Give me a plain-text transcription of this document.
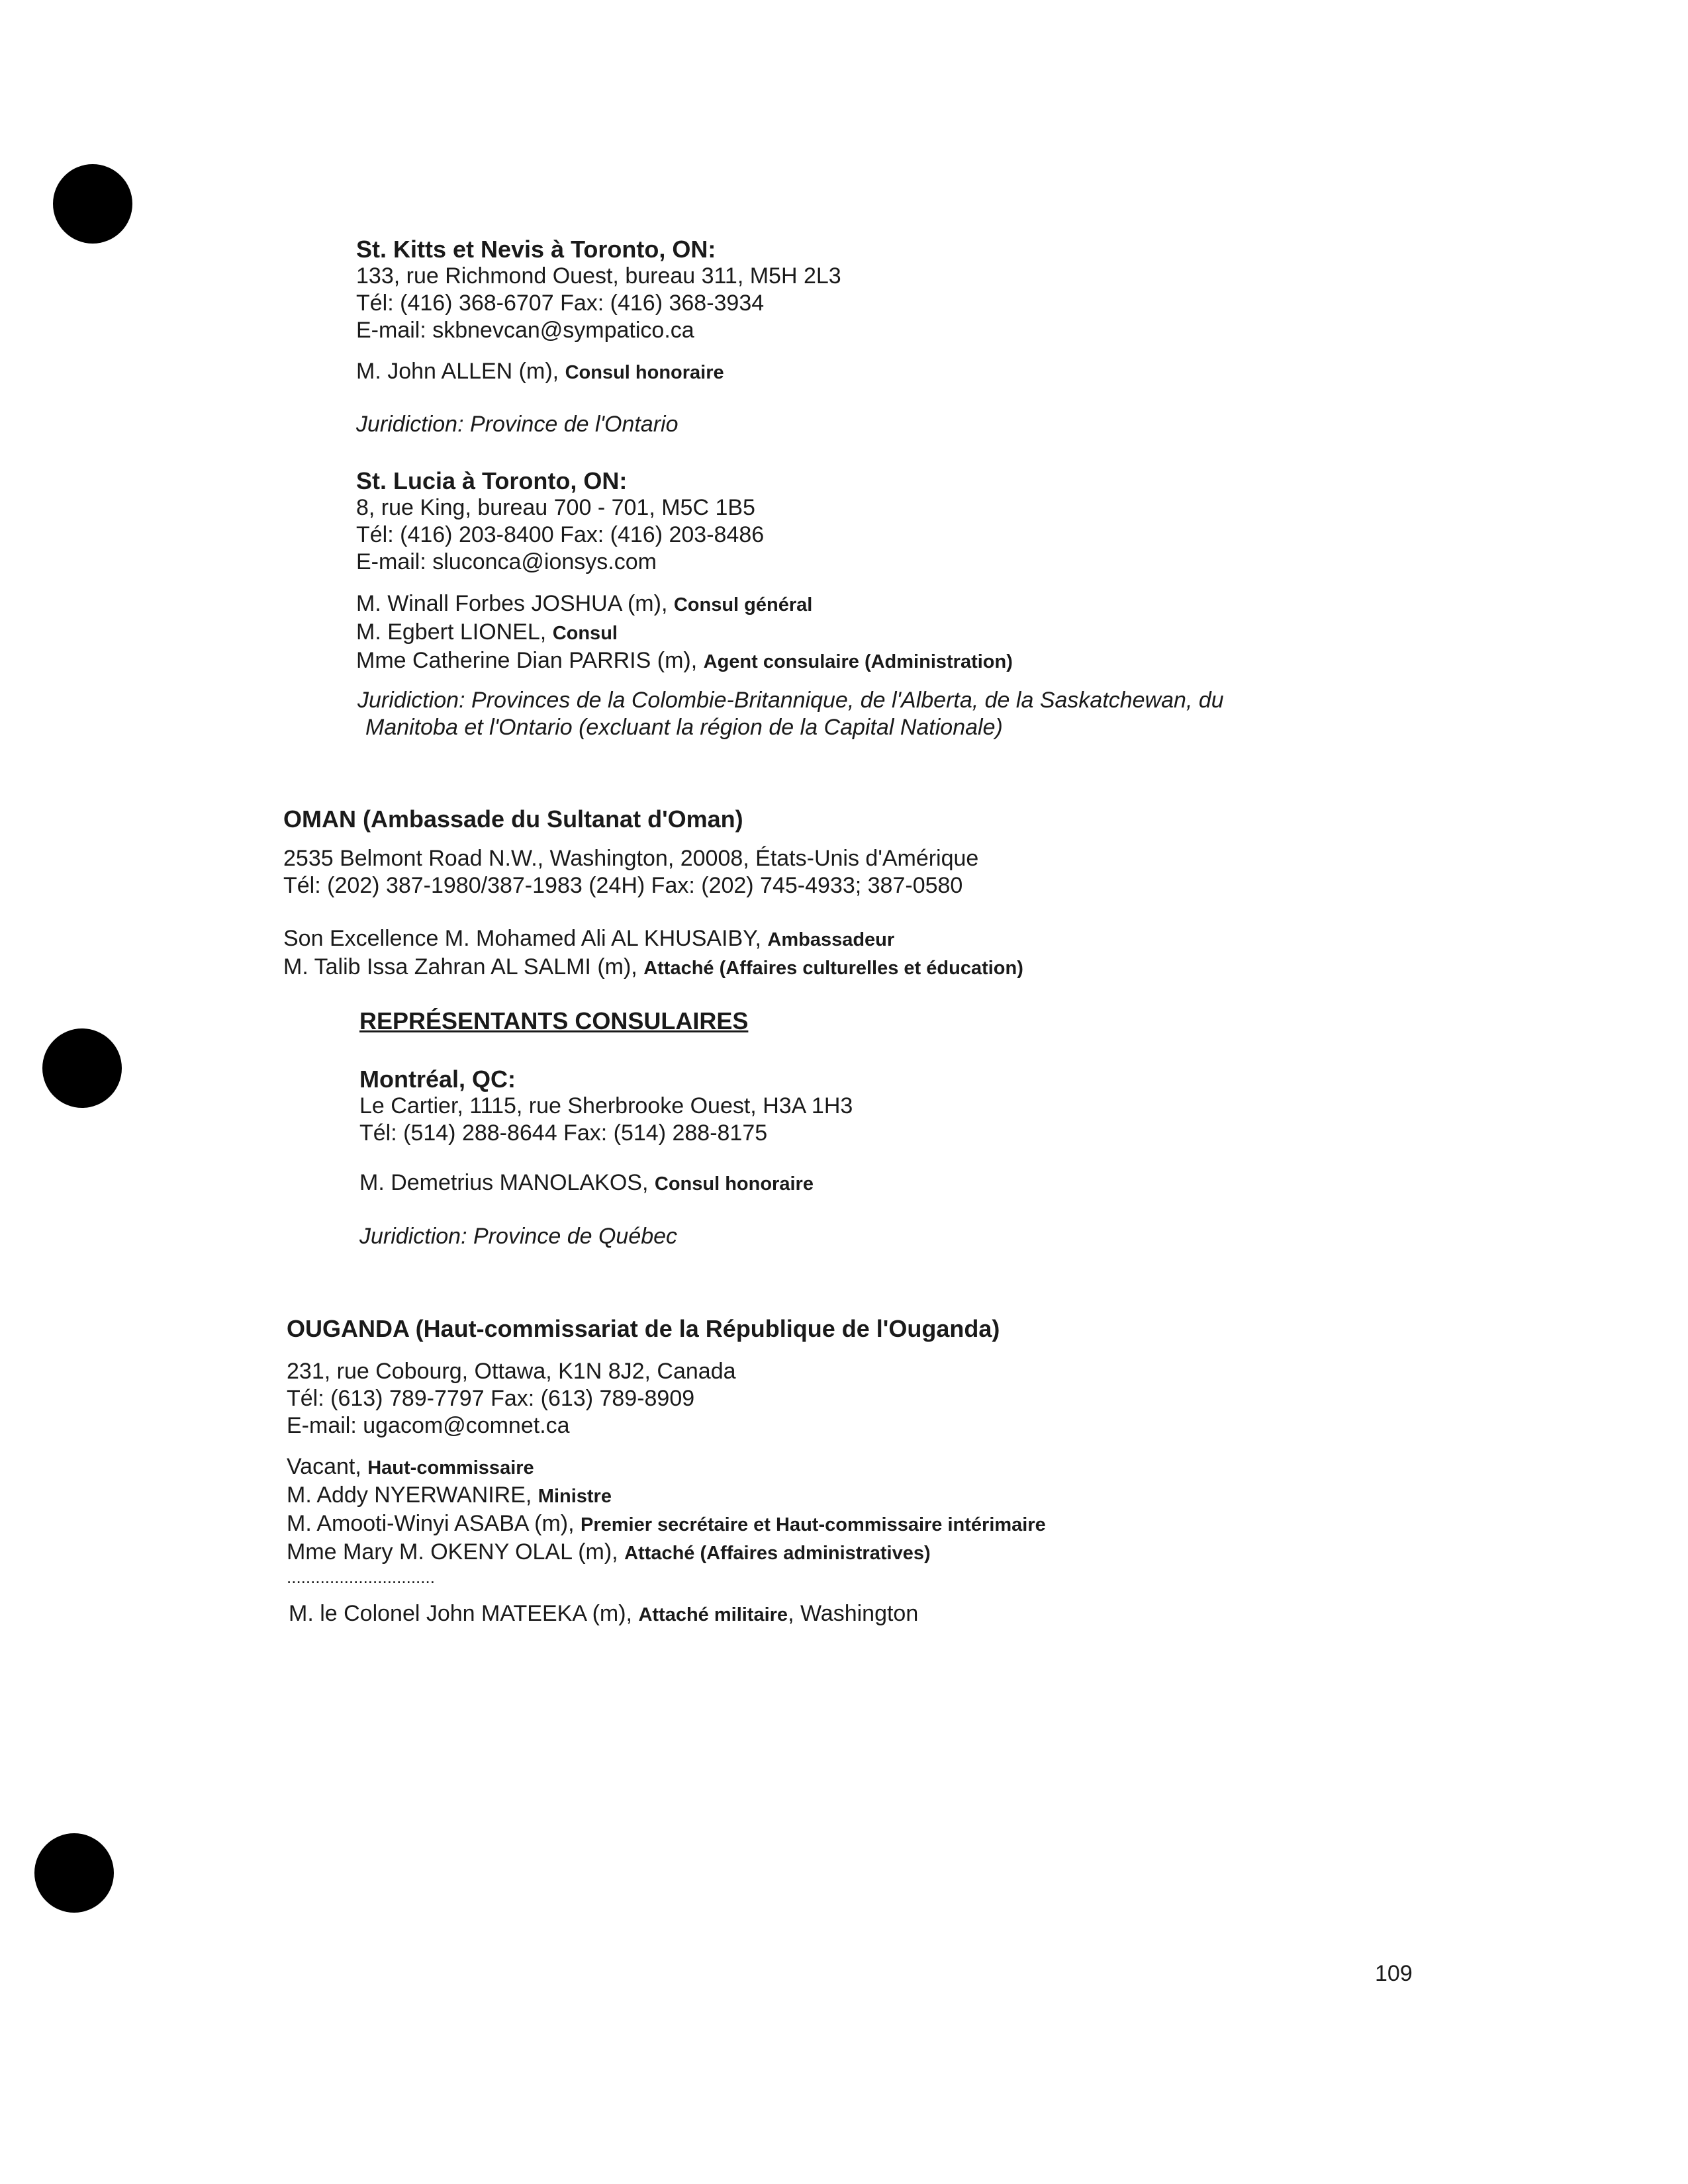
St. Kitts et Nevis à Toronto, ON:
133, rue Richmond Ouest, bureau 311, M5H 2L3
Tél: (416) 368-6707 Fax: (416) 368-3934
E-mail: skbnevcan@sympatico.ca
M. John ALLEN (m), Consul honoraire
Juridiction: Province de l'Ontario
St. Lucia à Toronto, ON:
8, rue King, bureau 700 - 701, M5C 1B5
Tél: (416) 203-8400 Fax: (416) 203-8486
E-mail: sluconca@ionsys.com
M. Winall Forbes JOSHUA (m), Consul général
M. Egbert LIONEL, Consul
Mme Catherine Dian PARRIS (m), Agent consulaire (Administration)
Juridiction: Provinces de la Colombie-Britannique, de l'Alberta, de la Saskatchewan, du
Manitoba et l'Ontario (excluant la région de la Capital Nationale)
OMAN (Ambassade du Sultanat d'Oman)
2535 Belmont Road N.W., Washington, 20008, États-Unis d'Amérique
Tél: (202) 387-1980/387-1983 (24H) Fax: (202) 745-4933; 387-0580
Son Excellence M. Mohamed Ali AL KHUSAIBY, Ambassadeur
M. Talib Issa Zahran AL SALMI (m), Attaché (Affaires culturelles et éducation)
REPRÉSENTANTS CONSULAIRES
Montréal, QC:
Le Cartier, 1115, rue Sherbrooke Ouest, H3A 1H3
Tél: (514) 288-8644 Fax: (514) 288-8175
M. Demetrius MANOLAKOS, Consul honoraire
Juridiction: Province de Québec
OUGANDA (Haut-commissariat de la République de l'Ouganda)
231, rue Cobourg, Ottawa, K1N 8J2, Canada
Tél: (613) 789-7797 Fax: (613) 789-8909
E-mail: ugacom@comnet.ca
Vacant, Haut-commissaire
M. Addy NYERWANIRE, Ministre
M. Amooti-Winyi ASABA (m), Premier secrétaire et Haut-commissaire intérimaire
Mme Mary M. OKENY OLAL (m), Attaché (Affaires administratives)
...............................
M. le Colonel John MATEEKA (m), Attaché militaire, Washington
109
